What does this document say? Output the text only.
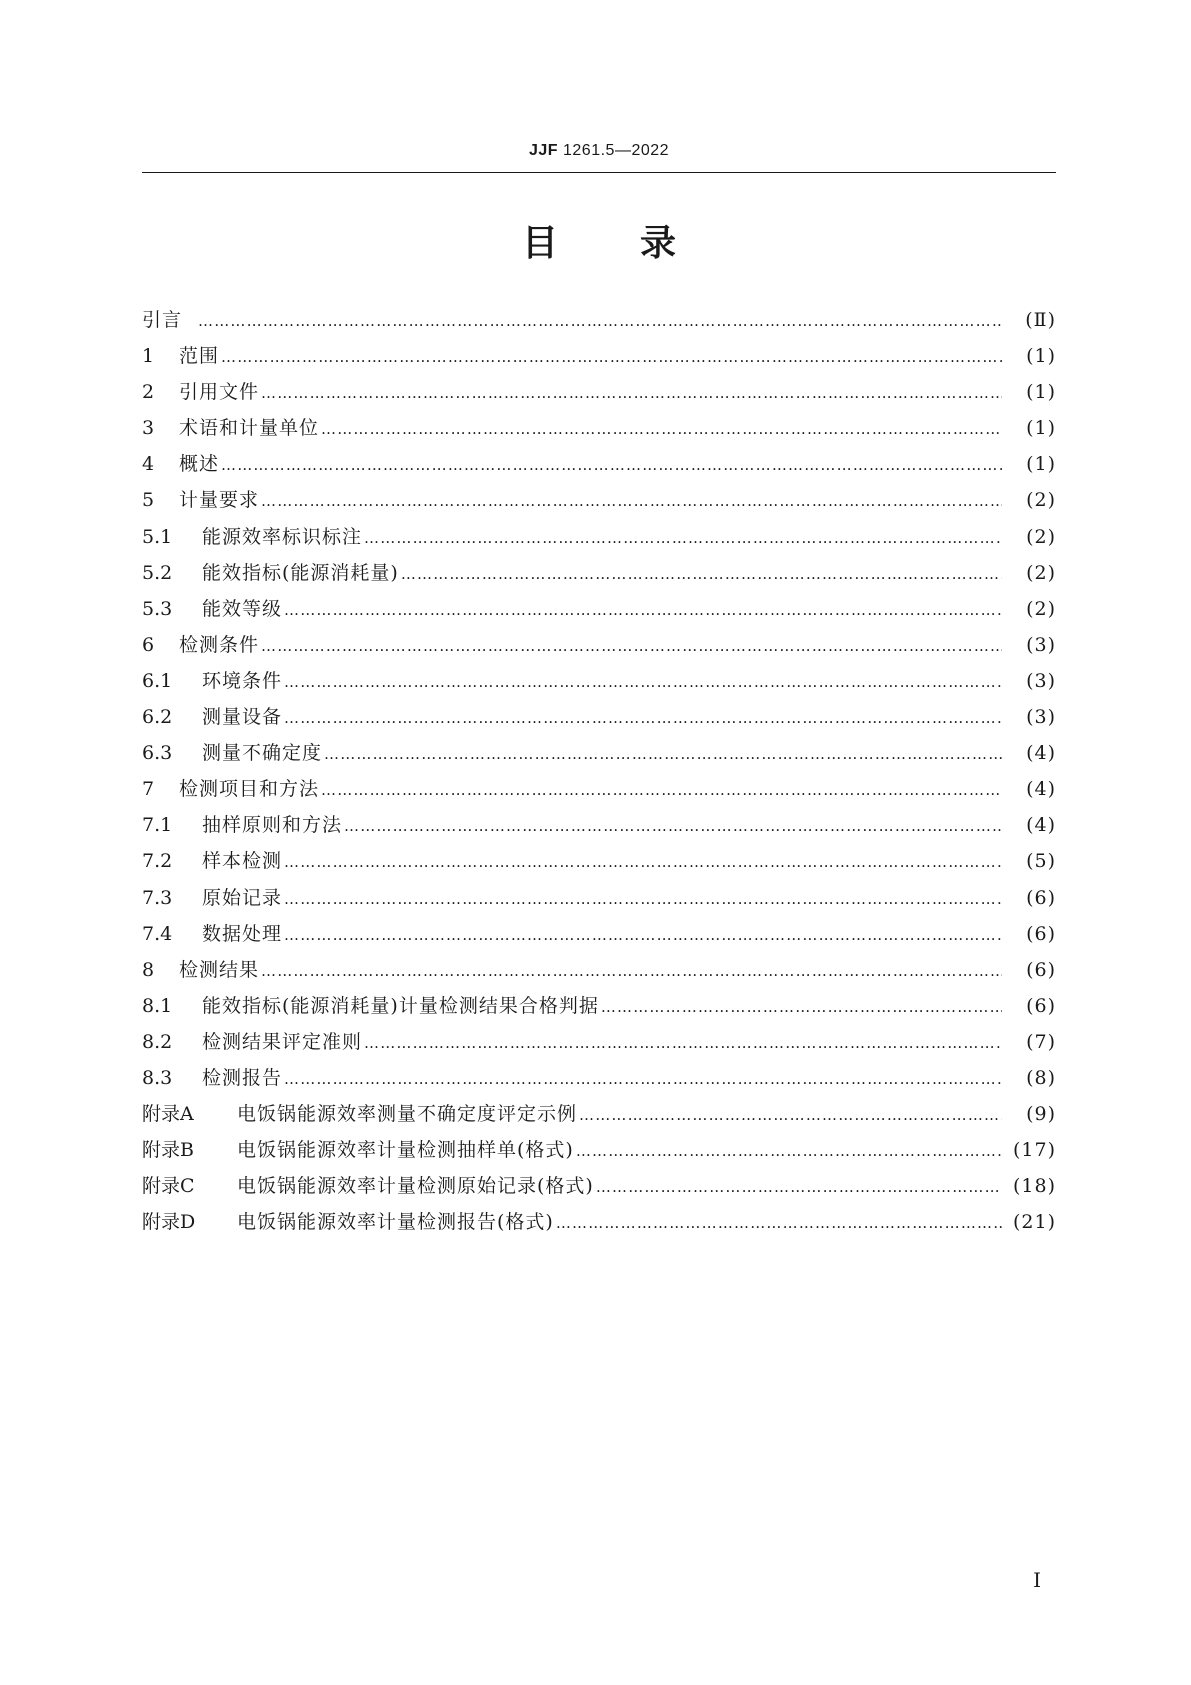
JJF 1261.5—2022
目录
引言 ……………………………………………………………………………………………………………………………………………………………………………………	(Ⅱ)
1	范围 ……………………………………………………………………………………………………………………………………………………………………………………	(1)
2	引用文件 ……………………………………………………………………………………………………………………………………………………………………………………	(1)
3	术语和计量单位 ……………………………………………………………………………………………………………………………………………………………………………………	(1)
4	概述 ……………………………………………………………………………………………………………………………………………………………………………………	(1)
5	计量要求 ……………………………………………………………………………………………………………………………………………………………………………………	(2)
5.1	能源效率标识标注 ……………………………………………………………………………………………………………………………………………………………………………………	(2)
5.2	能效指标(能源消耗量) ……………………………………………………………………………………………………………………………………………………………………………………	(2)
5.3	能效等级 ……………………………………………………………………………………………………………………………………………………………………………………	(2)
6	检测条件 ……………………………………………………………………………………………………………………………………………………………………………………	(3)
6.1	环境条件 ……………………………………………………………………………………………………………………………………………………………………………………	(3)
6.2	测量设备 ……………………………………………………………………………………………………………………………………………………………………………………	(3)
6.3	测量不确定度 ……………………………………………………………………………………………………………………………………………………………………………………	(4)
7	检测项目和方法 ……………………………………………………………………………………………………………………………………………………………………………………	(4)
7.1	抽样原则和方法 ……………………………………………………………………………………………………………………………………………………………………………………	(4)
7.2	样本检测 ……………………………………………………………………………………………………………………………………………………………………………………	(5)
7.3	原始记录 ……………………………………………………………………………………………………………………………………………………………………………………	(6)
7.4	数据处理 ……………………………………………………………………………………………………………………………………………………………………………………	(6)
8	检测结果 ……………………………………………………………………………………………………………………………………………………………………………………	(6)
8.1	能效指标(能源消耗量)计量检测结果合格判据 ……………………………………………………………………………………………………………………………………………………………………………………	(6)
8.2	检测结果评定准则 ……………………………………………………………………………………………………………………………………………………………………………………	(7)
8.3	检测报告 ……………………………………………………………………………………………………………………………………………………………………………………	(8)
附录A	电饭锅能源效率测量不确定度评定示例 ……………………………………………………………………………………………………………………………………………………………………………………	(9)
附录B	电饭锅能源效率计量检测抽样单(格式) ……………………………………………………………………………………………………………………………………………………………………………………	(17)
附录C	电饭锅能源效率计量检测原始记录(格式) ……………………………………………………………………………………………………………………………………………………………………………………	(18)
附录D	电饭锅能源效率计量检测报告(格式) ……………………………………………………………………………………………………………………………………………………………………………………	(21)
Ⅰ
